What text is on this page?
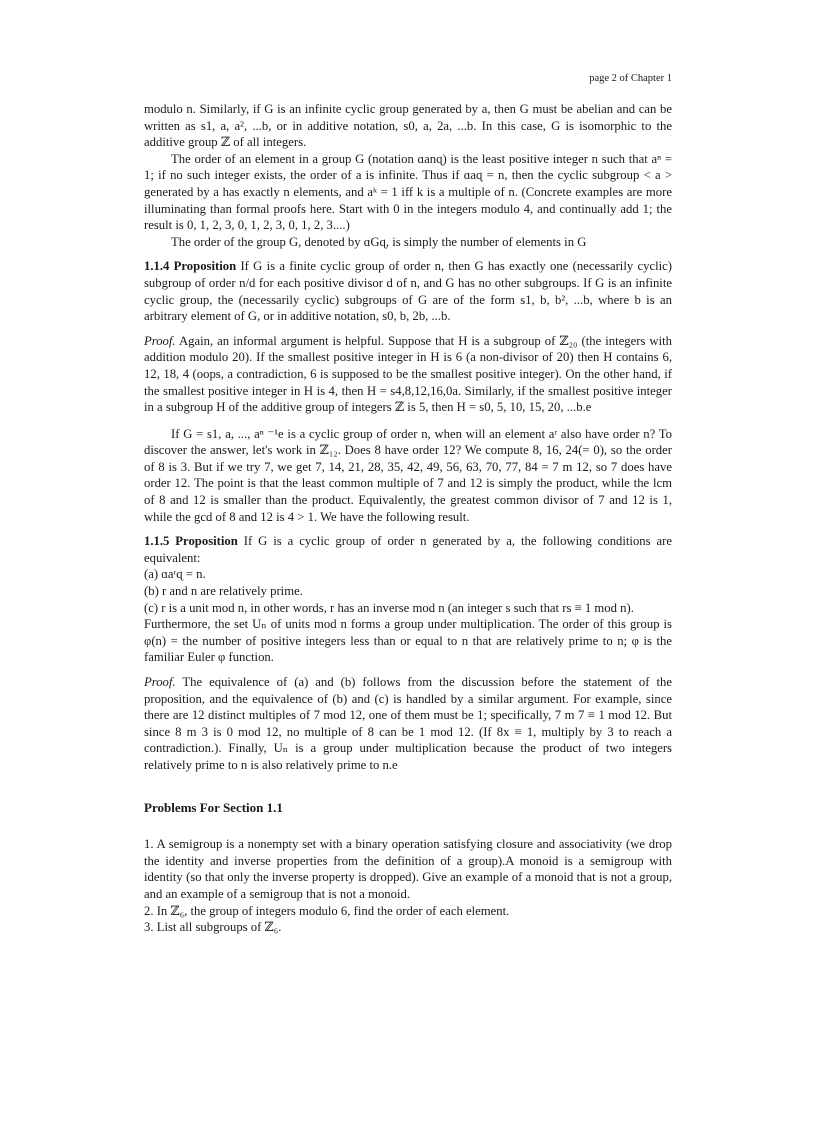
page 2 of Chapter 1

modulo n. Similarly, if G is an infinite cyclic group generated by a, then G must be abelian and can be written as s1, a, a², ...b, or in additive notation, s0, a, 2a, ...b. In this case, G is isomorphic to the additive group ℤ of all integers.

The order of an element in a group G (notation ɑanɋ) is the least positive integer n such that aⁿ = 1; if no such integer exists, the order of a is infinite. Thus if ɑaɋ = n, then the cyclic subgroup < a > generated by a has exactly n elements, and aᵏ = 1 iff k is a multiple of n. (Concrete examples are more illuminating than formal proofs here. Start with 0 in the integers modulo 4, and continually add 1; the result is 0, 1, 2, 3, 0, 1, 2, 3, 0, 1, 2, 3....)

The order of the group G, denoted by ɑGɋ, is simply the number of elements in G

1.1.4 Proposition If G is a finite cyclic group of order n, then G has exactly one (necessarily cyclic) subgroup of order n/d for each positive divisor d of n, and G has no other subgroups. If G is an infinite cyclic group, the (necessarily cyclic) subgroups of G are of the form s1, b, b², ...b, where b is an arbitrary element of G, or in additive notation, s0, b, 2b, ...b.

Proof. Again, an informal argument is helpful. Suppose that H is a subgroup of ℤ₂₀ (the integers with addition modulo 20). If the smallest positive integer in H is 6 (a non-divisor of 20) then H contains 6, 12, 18, 4 (oops, a contradiction, 6 is supposed to be the smallest positive integer). On the other hand, if the smallest positive integer in H is 4, then H = s4,8,12,16,0a. Similarly, if the smallest positive integer in a subgroup H of the additive group of integers ℤ is 5, then H = s0, 5, 10, 15, 20, ...b.e

If G = s1, a, ..., aⁿ ⁻¹e is a cyclic group of order n, when will an element aʳ also have order n? To discover the answer, let's work in ℤ₁₂. Does 8 have order 12? We compute 8, 16, 24(= 0), so the order of 8 is 3. But if we try 7, we get 7, 14, 21, 28, 35, 42, 49, 56, 63, 70, 77, 84 = 7 m 12, so 7 does have order 12. The point is that the least common multiple of 7 and 12 is simply the product, while the lcm of 8 and 12 is smaller than the product. Equivalently, the greatest common divisor of 7 and 12 is 1, while the gcd of 8 and 12 is 4 > 1. We have the following result.

1.1.5 Proposition If G is a cyclic group of order n generated by a, the following conditions are equivalent:
(a) ɑaʳɋ = n.
(b) r and n are relatively prime.
(c) r is a unit mod n, in other words, r has an inverse mod n (an integer s such that rs ≡ 1 mod n).
Furthermore, the set Uₙ of units mod n forms a group under multiplication. The order of this group is φ(n) = the number of positive integers less than or equal to n that are relatively prime to n; φ is the familiar Euler φ function.

Proof. The equivalence of (a) and (b) follows from the discussion before the statement of the proposition, and the equivalence of (b) and (c) is handled by a similar argument. For example, since there are 12 distinct multiples of 7 mod 12, one of them must be 1; specifically, 7 m 7 ≡ 1 mod 12. But since 8 m 3 is 0 mod 12, no multiple of 8 can be 1 mod 12. (If 8x ≡ 1, multiply by 3 to reach a contradiction.). Finally, Uₙ is a group under multiplication because the product of two integers relatively prime to n is also relatively prime to n.e

Problems For Section 1.1

1. A semigroup is a nonempty set with a binary operation satisfying closure and associativity (we drop the identity and inverse properties from the definition of a group).A monoid is a semigroup with identity (so that only the inverse property is dropped). Give an example of a monoid that is not a group, and an example of a semigroup that is not a monoid.

2. In ℤ₆, the group of integers modulo 6, find the order of each element.

3. List all subgroups of ℤ₆.
